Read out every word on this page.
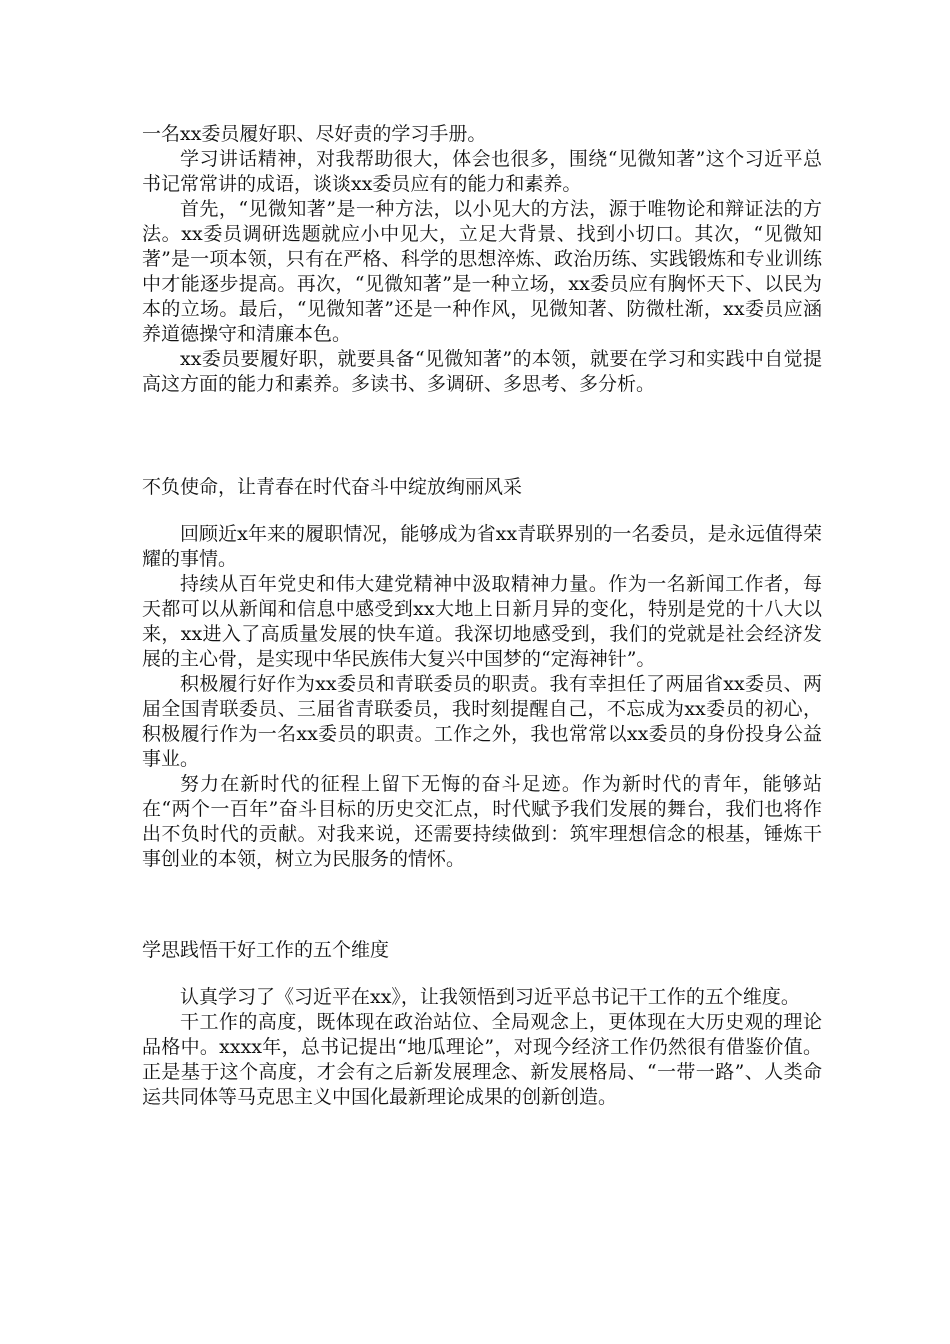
一名xx委员履好职、尽好责的学习手册。

学习讲话精神，对我帮助很大，体会也很多，围绕“见微知著”这个习近平总书记常常讲的成语，谈谈xx委员应有的能力和素养。

首先，“见微知著”是一种方法，以小见大的方法，源于唯物论和辩证法的方法。xx委员调研选题就应小中见大，立足大背景、找到小切口。其次，“见微知著”是一项本领，只有在严格、科学的思想淬炼、政治历练、实践锻炼和专业训练中才能逐步提高。再次，“见微知著”是一种立场，xx委员应有胸怀天下、以民为本的立场。最后，“见微知著”还是一种作风，见微知著、防微杜渐，xx委员应涵养道德操守和清廉本色。

xx委员要履好职，就要具备“见微知著”的本领，就要在学习和实践中自觉提高这方面的能力和素养。多读书、多调研、多思考、多分析。

不负使命，让青春在时代奋斗中绽放绚丽风采

回顾近x年来的履职情况，能够成为省xx青联界别的一名委员，是永远值得荣耀的事情。

持续从百年党史和伟大建党精神中汲取精神力量。作为一名新闻工作者，每天都可以从新闻和信息中感受到xx大地上日新月异的变化，特别是党的十八大以来，xx进入了高质量发展的快车道。我深切地感受到，我们的党就是社会经济发展的主心骨，是实现中华民族伟大复兴中国梦的“定海神针”。

积极履行好作为xx委员和青联委员的职责。我有幸担任了两届省xx委员、两届全国青联委员、三届省青联委员，我时刻提醒自己，不忘成为xx委员的初心，积极履行作为一名xx委员的职责。工作之外，我也常常以xx委员的身份投身公益事业。

努力在新时代的征程上留下无悔的奋斗足迹。作为新时代的青年，能够站在“两个一百年”奋斗目标的历史交汇点，时代赋予我们发展的舞台，我们也将作出不负时代的贡献。对我来说，还需要持续做到：筑牢理想信念的根基，锤炼干事创业的本领，树立为民服务的情怀。

学思践悟干好工作的五个维度

认真学习了《习近平在xx》，让我领悟到习近平总书记干工作的五个维度。

干工作的高度，既体现在政治站位、全局观念上，更体现在大历史观的理论品格中。xxxx年，总书记提出“地瓜理论”，对现今经济工作仍然很有借鉴价值。正是基于这个高度，才会有之后新发展理念、新发展格局、“一带一路”、人类命运共同体等马克思主义中国化最新理论成果的创新创造。
